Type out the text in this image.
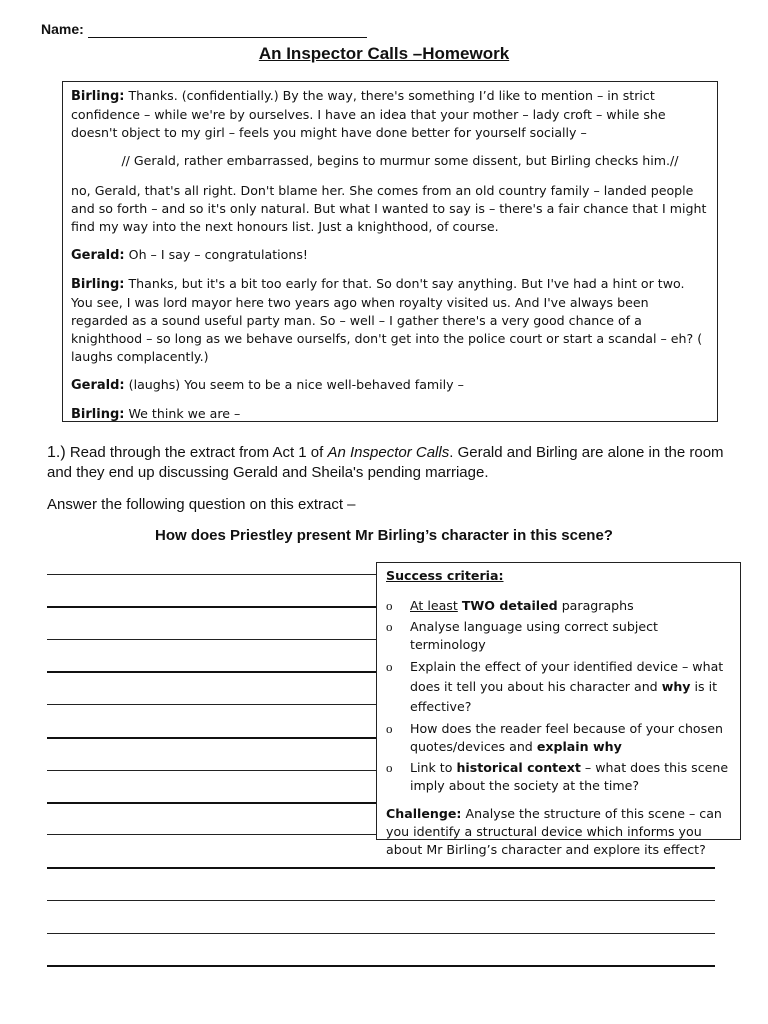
Name:
An Inspector Calls –Homework

Birling: Thanks. (confidentially.) By the way, there's something I’d like to mention – in strict confidence – while we're by ourselves. I have an idea that your mother – lady croft – while she doesn't object to my girl – feels you might have done better for yourself socially –

// Gerald, rather embarrassed, begins to murmur some dissent, but Birling checks him.//

no, Gerald, that's all right. Don't blame her. She comes from an old country family – landed people and so forth – and so it's only natural. But what I wanted to say is – there's a fair chance that I might find my way into the next honours list. Just a knighthood, of course.

Gerald: Oh – I say – congratulations!

Birling: Thanks, but it's a bit too early for that. So don't say anything. But I've had a hint or two. You see, I was lord mayor here two years ago when royalty visited us. And I've always been regarded as a sound useful party man. So – well – I gather there's a very good chance of a knighthood – so long as we behave ourselfs, don't get into the police court or start a scandal – eh? ( laughs complacently.)

Gerald: (laughs) You seem to be a nice well-behaved family –

Birling: We think we are –

1.) Read through the extract from Act 1 of An Inspector Calls. Gerald and Birling are alone in the room and they end up discussing Gerald and Sheila's pending marriage.
Answer the following question on this extract –
How does Priestley present Mr Birling’s character in this scene?
Success criteria:
o At least TWO detailed paragraphs
o Analyse language using correct subject terminology
o Explain the effect of your identified device – what does it tell you about his character and why is it effective?
o How does the reader feel because of your chosen quotes/devices and explain why
o Link to historical context – what does this scene imply about the society at the time?
Challenge: Analyse the structure of this scene – can you identify a structural device which informs you about Mr Birling’s character and explore its effect?
